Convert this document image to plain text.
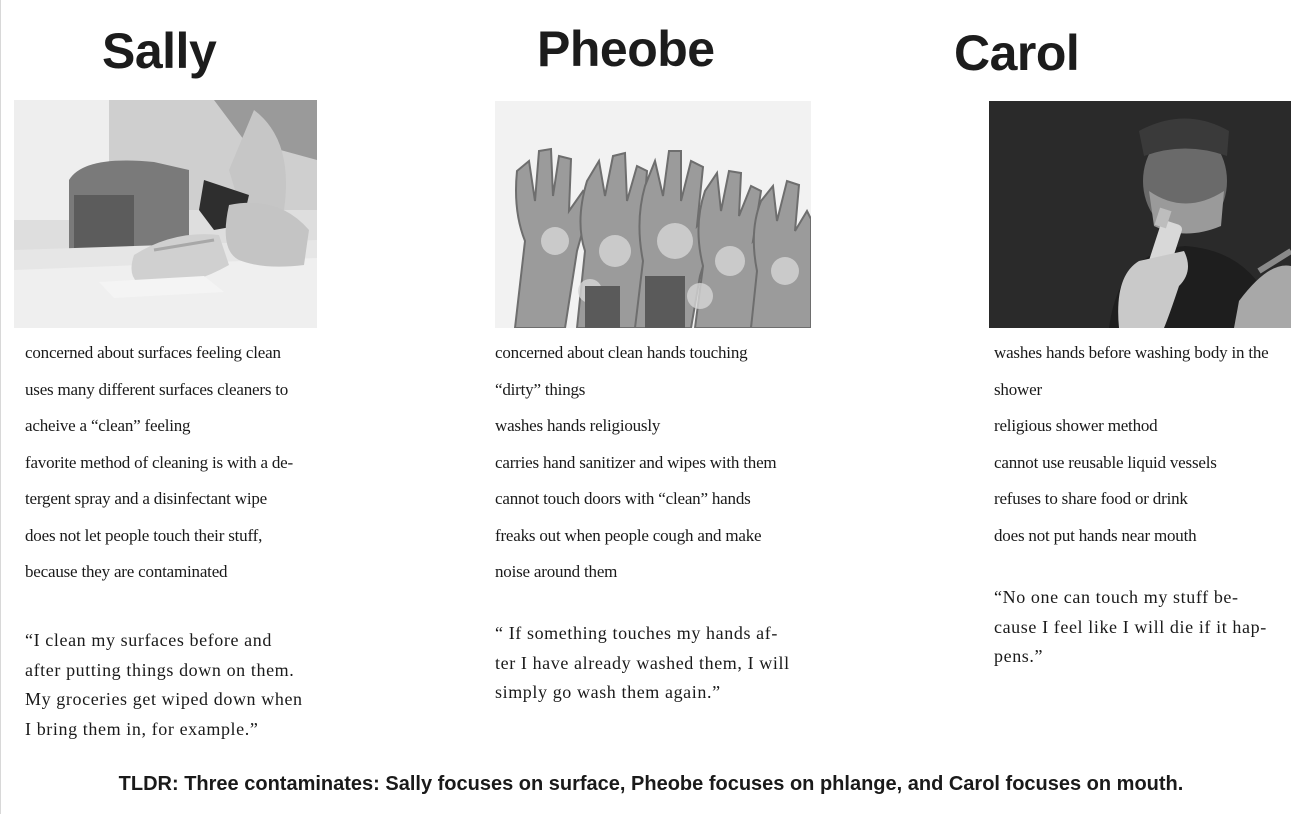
Sally
concerned about surfaces feeling clean
uses many different surfaces cleaners to
acheive a “clean” feeling
favorite method of cleaning is with a de-
tergent spray and a disinfectant wipe
does not let people touch their stuff,
because they are contaminated

“I clean my surfaces before and
after putting things down on them.
My groceries get wiped down when
I bring them in, for example.”

Pheobe
concerned about clean hands touching
“dirty” things
washes hands religiously
carries hand sanitizer and wipes with them
cannot touch doors with “clean” hands
freaks out when people cough and make
noise around them

“ If something touches my hands af-
ter I have already washed them, I will
simply go wash them again.”

Carol
washes hands before washing body in the
shower
religious shower method
cannot use reusable liquid vessels
refuses to share food or drink
does not put hands near mouth

“No one can touch my stuff be-
cause I feel like I will die if it hap-
pens.”

TLDR: Three contaminates: Sally focuses on surface, Pheobe focuses on phlange, and Carol focuses on mouth.
